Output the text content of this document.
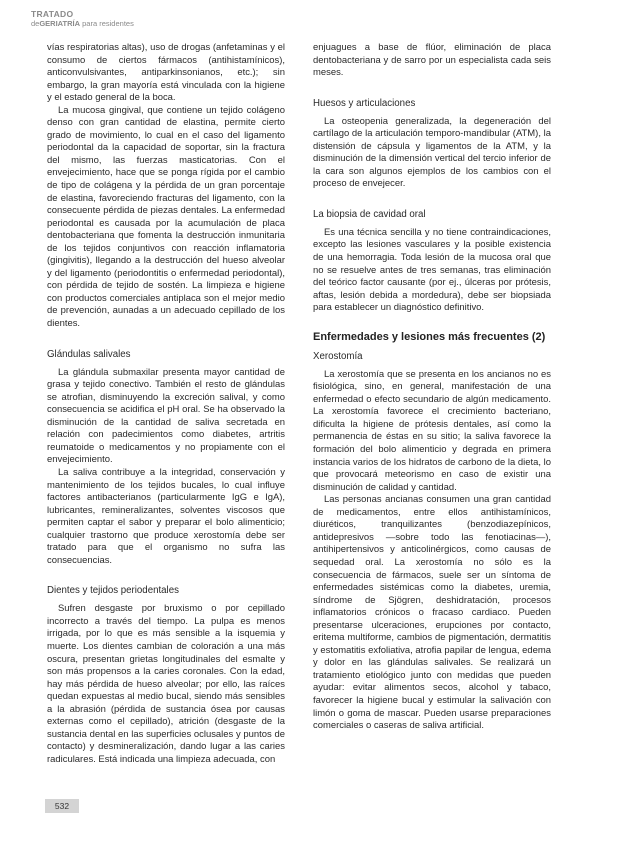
TRATADO
deGERIATRÍA para residentes

vías respiratorias altas), uso de drogas (anfetaminas y el consumo de ciertos fármacos (antihistamínicos), anticonvulsivantes, antiparkinsonianos, etc.); sin embargo, la gran mayoría está vinculada con la higiene y el estado general de la boca.

La mucosa gingival, que contiene un tejido colágeno denso con gran cantidad de elastina, permite cierto grado de movimiento, lo cual en el caso del ligamento periodontal da la capacidad de soportar, sin la fractura del mismo, las fuerzas masticatorias. Con el envejecimiento, hace que se ponga rígida por el cambio de tipo de colágena y la pérdida de un gran porcentaje de elastina, favoreciendo fracturas del ligamento, con la consecuente pérdida de piezas dentales. La enfermedad periodontal es causada por la acumulación de placa dentobacteriana que fomenta la destrucción inmunitaria de los tejidos conjuntivos con reacción inflamatoria (gingivitis), llegando a la destrucción del hueso alveolar y del ligamento (periodontitis o enfermedad periodontal), con pérdida de tejido de sostén. La limpieza e higiene con productos comerciales antiplaca son el mejor medio de prevención, aunadas a un adecuado cepillado de los dientes.

Glándulas salivales

La glándula submaxilar presenta mayor cantidad de grasa y tejido conectivo. También el resto de glándulas se atrofian, disminuyendo la excreción salival, y como consecuencia se acidifica el pH oral. Se ha observado la disminución de la cantidad de saliva secretada en relación con padecimientos como diabetes, artritis reumatoide o medicamentos y no propiamente con el envejecimiento.

La saliva contribuye a la integridad, conservación y mantenimiento de los tejidos bucales, lo cual influye factores antibacterianos (particularmente IgG e IgA), lubricantes, remineralizantes, solventes viscosos que permiten captar el sabor y preparar el bolo alimenticio; cualquier trastorno que produce xerostomía debe ser tratado para que el organismo no sufra las consecuencias.

Dientes y tejidos periodentales

Sufren desgaste por bruxismo o por cepillado incorrecto a través del tiempo. La pulpa es menos irrigada, por lo que es más sensible a la isquemia y muerte. Los dientes cambian de coloración a una más oscura, presentan grietas longitudinales del esmalte y son más propensos a la caries coronales. Con la edad, hay más pérdida de hueso alveolar; por ello, las raíces quedan expuestas al medio bucal, siendo más sensibles a la abrasión (pérdida de sustancia ósea por causas externas como el cepillado), atrición (desgaste de la sustancia dental en las superficies oclusales y puntos de contacto) y desmineralización, dando lugar a las caries radiculares. Está indicada una limpieza adecuada, con

enjuagues a base de flúor, eliminación de placa dentobacteriana y de sarro por un especialista cada seis meses.

Huesos y articulaciones

La osteopenia generalizada, la degeneración del cartílago de la articulación temporo-mandibular (ATM), la distensión de cápsula y ligamentos de la ATM, y la disminución de la dimensión vertical del tercio inferior de la cara son algunos ejemplos de los cambios con el proceso de envejecer.

La biopsia de cavidad oral

Es una técnica sencilla y no tiene contraindicaciones, excepto las lesiones vasculares y la posible existencia de una hemorragia. Toda lesión de la mucosa oral que no se resuelve antes de tres semanas, tras eliminación del teórico factor causante (por ej., úlceras por prótesis, aftas, lesión debida a mordedura), debe ser biopsiada para establecer un diagnóstico definitivo.

Enfermedades y lesiones más frecuentes (2)
Xerostomía

La xerostomía que se presenta en los ancianos no es fisiológica, sino, en general, manifestación de una enfermedad o efecto secundario de algún medicamento. La xerostomía favorece el crecimiento bacteriano, dificulta la higiene de prótesis dentales, así como la permanencia de éstas en su sitio; la saliva favorece la formación del bolo alimenticio y degrada en primera instancia varios de los hidratos de carbono de la dieta, lo que provocará meteorismo en caso de existir una disminución de calidad y cantidad.

Las personas ancianas consumen una gran cantidad de medicamentos, entre ellos antihistamínicos, diuréticos, tranquilizantes (benzodiazepínicos, antidepresivos —sobre todo las fenotiacinas—), antihipertensivos y anticolinérgicos, como causas de sequedad oral. La xerostomía no sólo es la consecuencia de fármacos, suele ser un síntoma de enfermedades sistémicas como la diabetes, uremia, síndrome de Sjögren, deshidratación, procesos inflamatorios crónicos o fracaso cardiaco. Pueden presentarse ulceraciones, erupciones por contacto, eritema multiforme, cambios de pigmentación, dermatitis y estomatitis exfoliativa, atrofia papilar de lengua, edema y dolor en las glándulas salivales. Se realizará un tratamiento etiológico junto con medidas que pueden ayudar: evitar alimentos secos, alcohol y tabaco, favorecer la higiene bucal y estimular la salivación con limón o goma de mascar. Pueden usarse preparaciones comerciales o caseras de saliva artificial.

532
